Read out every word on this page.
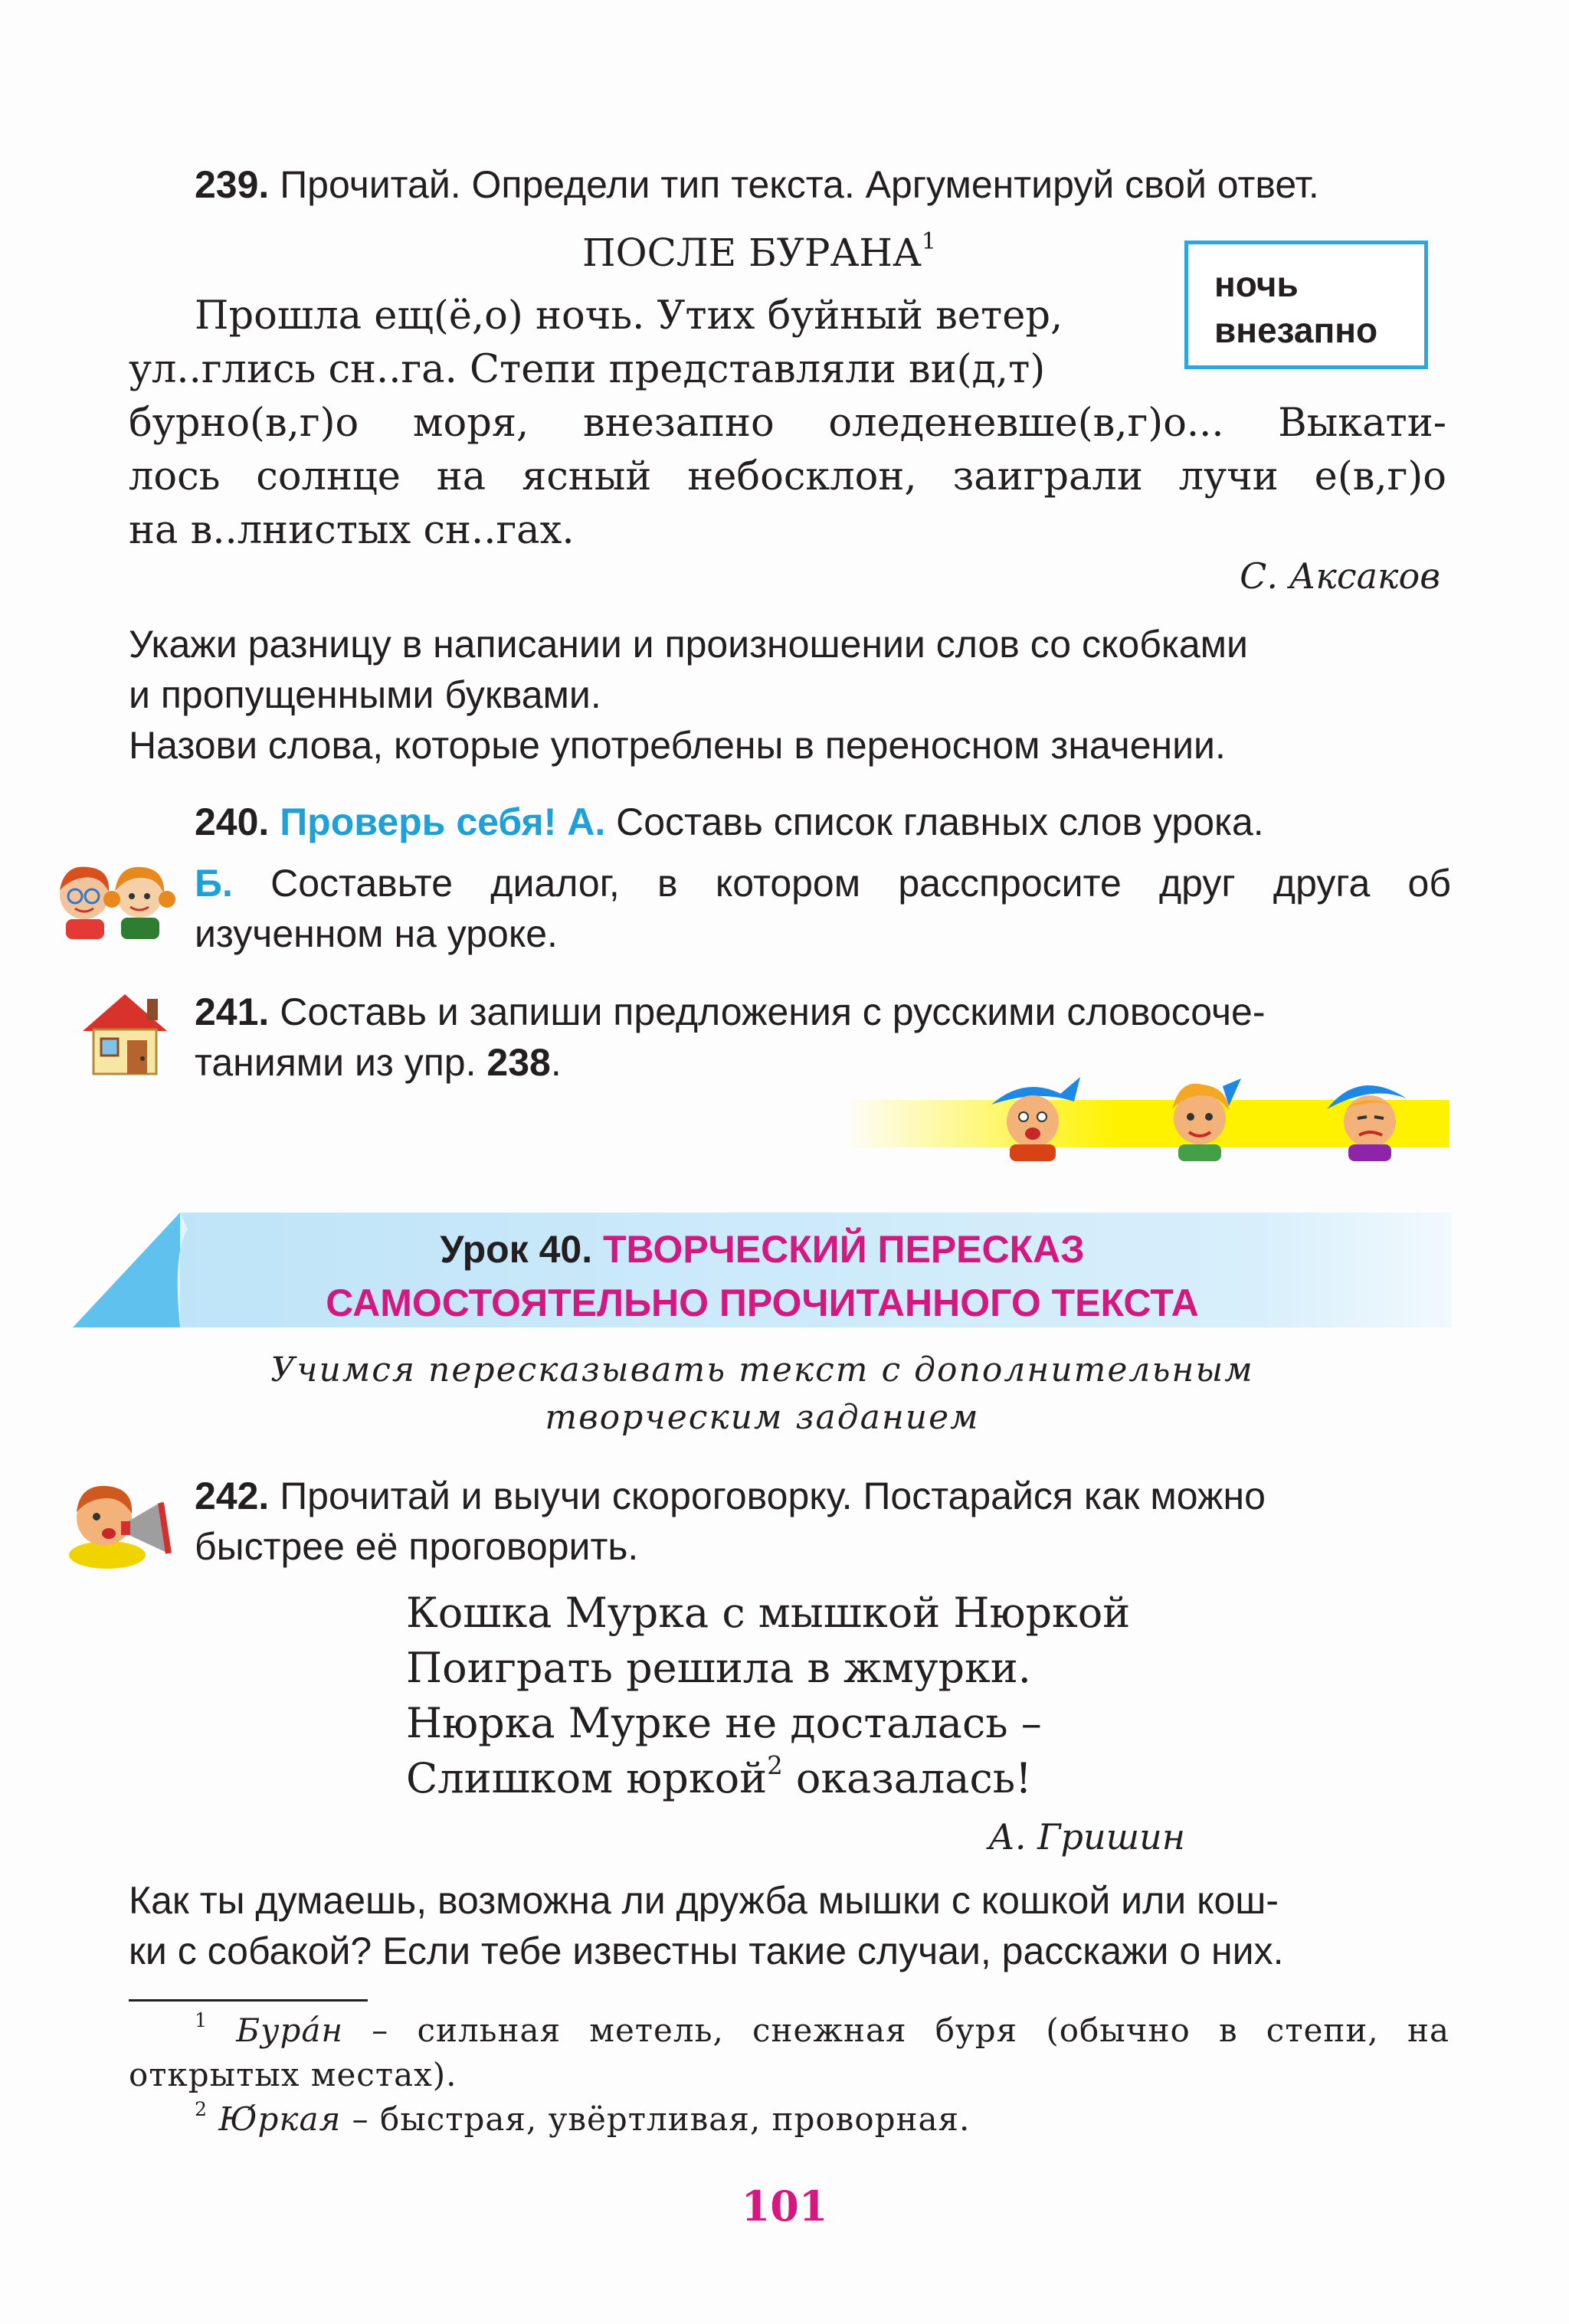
239. Прочитай. Определи тип текста. Аргументируй свой ответ.
ПОСЛЕ БУРАНА$^1$
ночь
внезапно
Прошла ещ(ё,о) ночь. Утих буйный ветер,
ул..глись сн..га. Степи представляли ви(д,т)
бурно(в,г)о моря, внезапно оледеневше(в,г)о... Выкати-
лось солнце на ясный небосклон, заиграли лучи е(в,г)о
на в..лнистых сн..гах.
С. Аксаков
Укажи разницу в написании и произношении слов со скобками
и пропущенными буквами.
Назови слова, которые употреблены в переносном значении.
240. Проверь себя! А. Составь список главных слов урока.
Б. Составьте диалог, в котором расспросите друг друга об
изученном на уроке.
241. Составь и запиши предложения с русскими словосоче-
таниями из упр. 238.
Урок 40. ТВОРЧЕСКИЙ ПЕРЕСКАЗ
САМОСТОЯТЕЛЬНО ПРОЧИТАННОГО ТЕКСТА
Учимся пересказывать текст с дополнительным
творческим заданием
242. Прочитай и выучи скороговорку. Постарайся как можно
быстрее её проговорить.
Кошка Мурка с мышкой Нюркой
Поиграть решила в жмурки.
Нюрка Мурке не досталась –
Слишком юркой$^2$ оказалась!
А. Гришин
Как ты думаешь, возможна ли дружба мышки с кошкой или кош-
ки с собакой? Если тебе известны такие случаи, расскажи о них.
$^1$ Бура́н – сильная метель, снежная буря (обычно в степи, на
открытых местах).
$^2$ Ю́ркая – быстрая, увёртливая, проворная.
101
